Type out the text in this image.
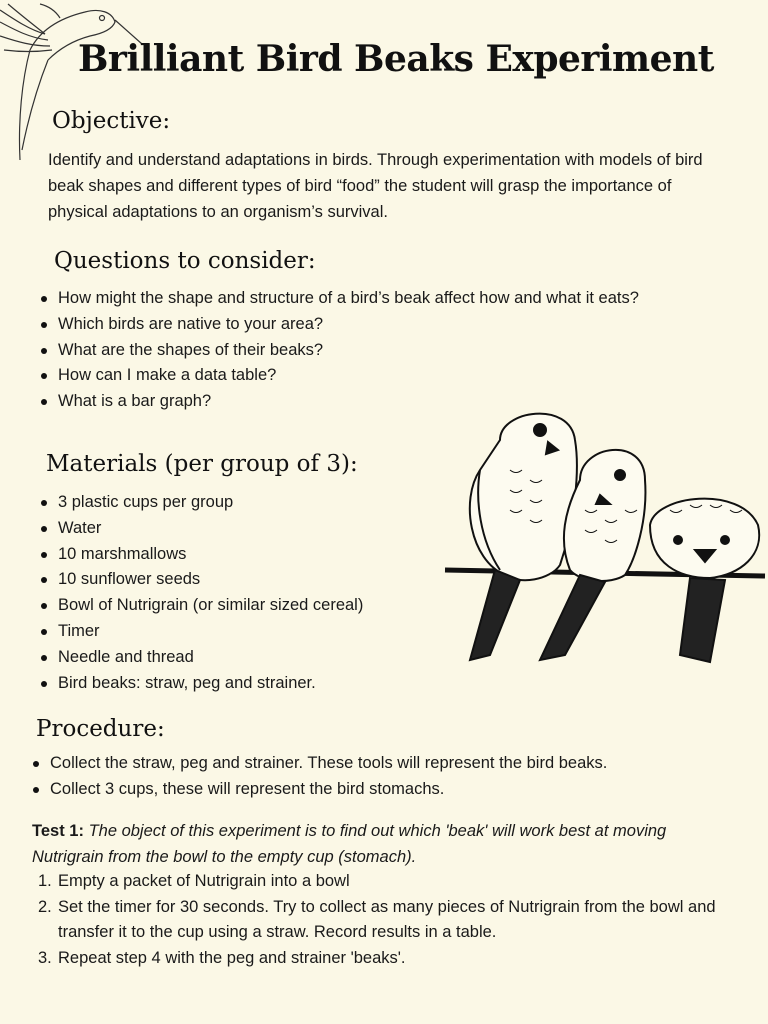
Brilliant Bird Beaks Experiment
Objective:
Identify and understand adaptations in birds. Through experimentation with models of bird beak shapes and different types of bird “food” the student will grasp the importance of physical adaptations to an organism’s survival.
Questions to consider:
How might the shape and structure of a bird’s beak affect how and what it eats?
Which birds are native to your area?
What are the shapes of their beaks?
How can I make a data table?
What is a bar graph?
Materials (per group of 3):
3 plastic cups per group
Water
10 marshmallows
10 sunflower seeds
Bowl of Nutrigrain (or similar sized cereal)
Timer
Needle and thread
Bird beaks: straw, peg and strainer.
Procedure:
Collect the straw, peg and strainer. These tools will represent the bird beaks.
Collect 3 cups, these will represent the bird stomachs.
Test 1: The object of this experiment is to find out which 'beak' will work best at moving Nutrigrain from the bowl to the empty cup (stomach).
1. Empty a packet of Nutrigrain into a bowl
2. Set the timer for 30 seconds. Try to collect as many pieces of Nutrigrain from the bowl and transfer it to the cup using a straw. Record results in a table.
3. Repeat step 4 with the peg and strainer 'beaks'.
